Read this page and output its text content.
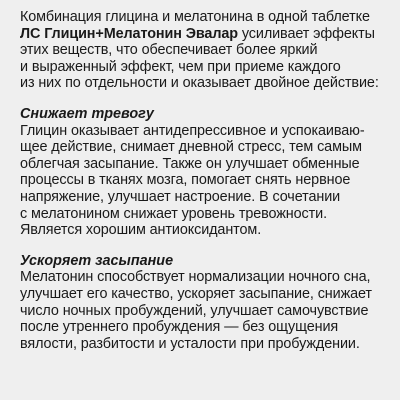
Комбинация глицина и мелатонина в одной таблетке
ЛС Глицин+Мелатонин Эвалар усиливает эффекты
этих веществ, что обеспечивает более яркий
и выраженный эффект, чем при приеме каждого
из них по отдельности и оказывает двойное действие:
Снижает тревогу
Глицин оказывает антидепрессивное и успокаиваю-
щее действие, снимает дневной стресс, тем самым
облегчая засыпание. Также он улучшает обменные
процессы в тканях мозга, помогает снять нервное
напряжение, улучшает настроение. В сочетании
с мелатонином снижает уровень тревожности.
Является хорошим антиоксидантом.
Ускоряет засыпание
Мелатонин способствует нормализации ночного сна,
улучшает его качество, ускоряет засыпание, снижает
число ночных пробуждений, улучшает самочувствие
после утреннего пробуждения — без ощущения
вялости, разбитости и усталости при пробуждении.
